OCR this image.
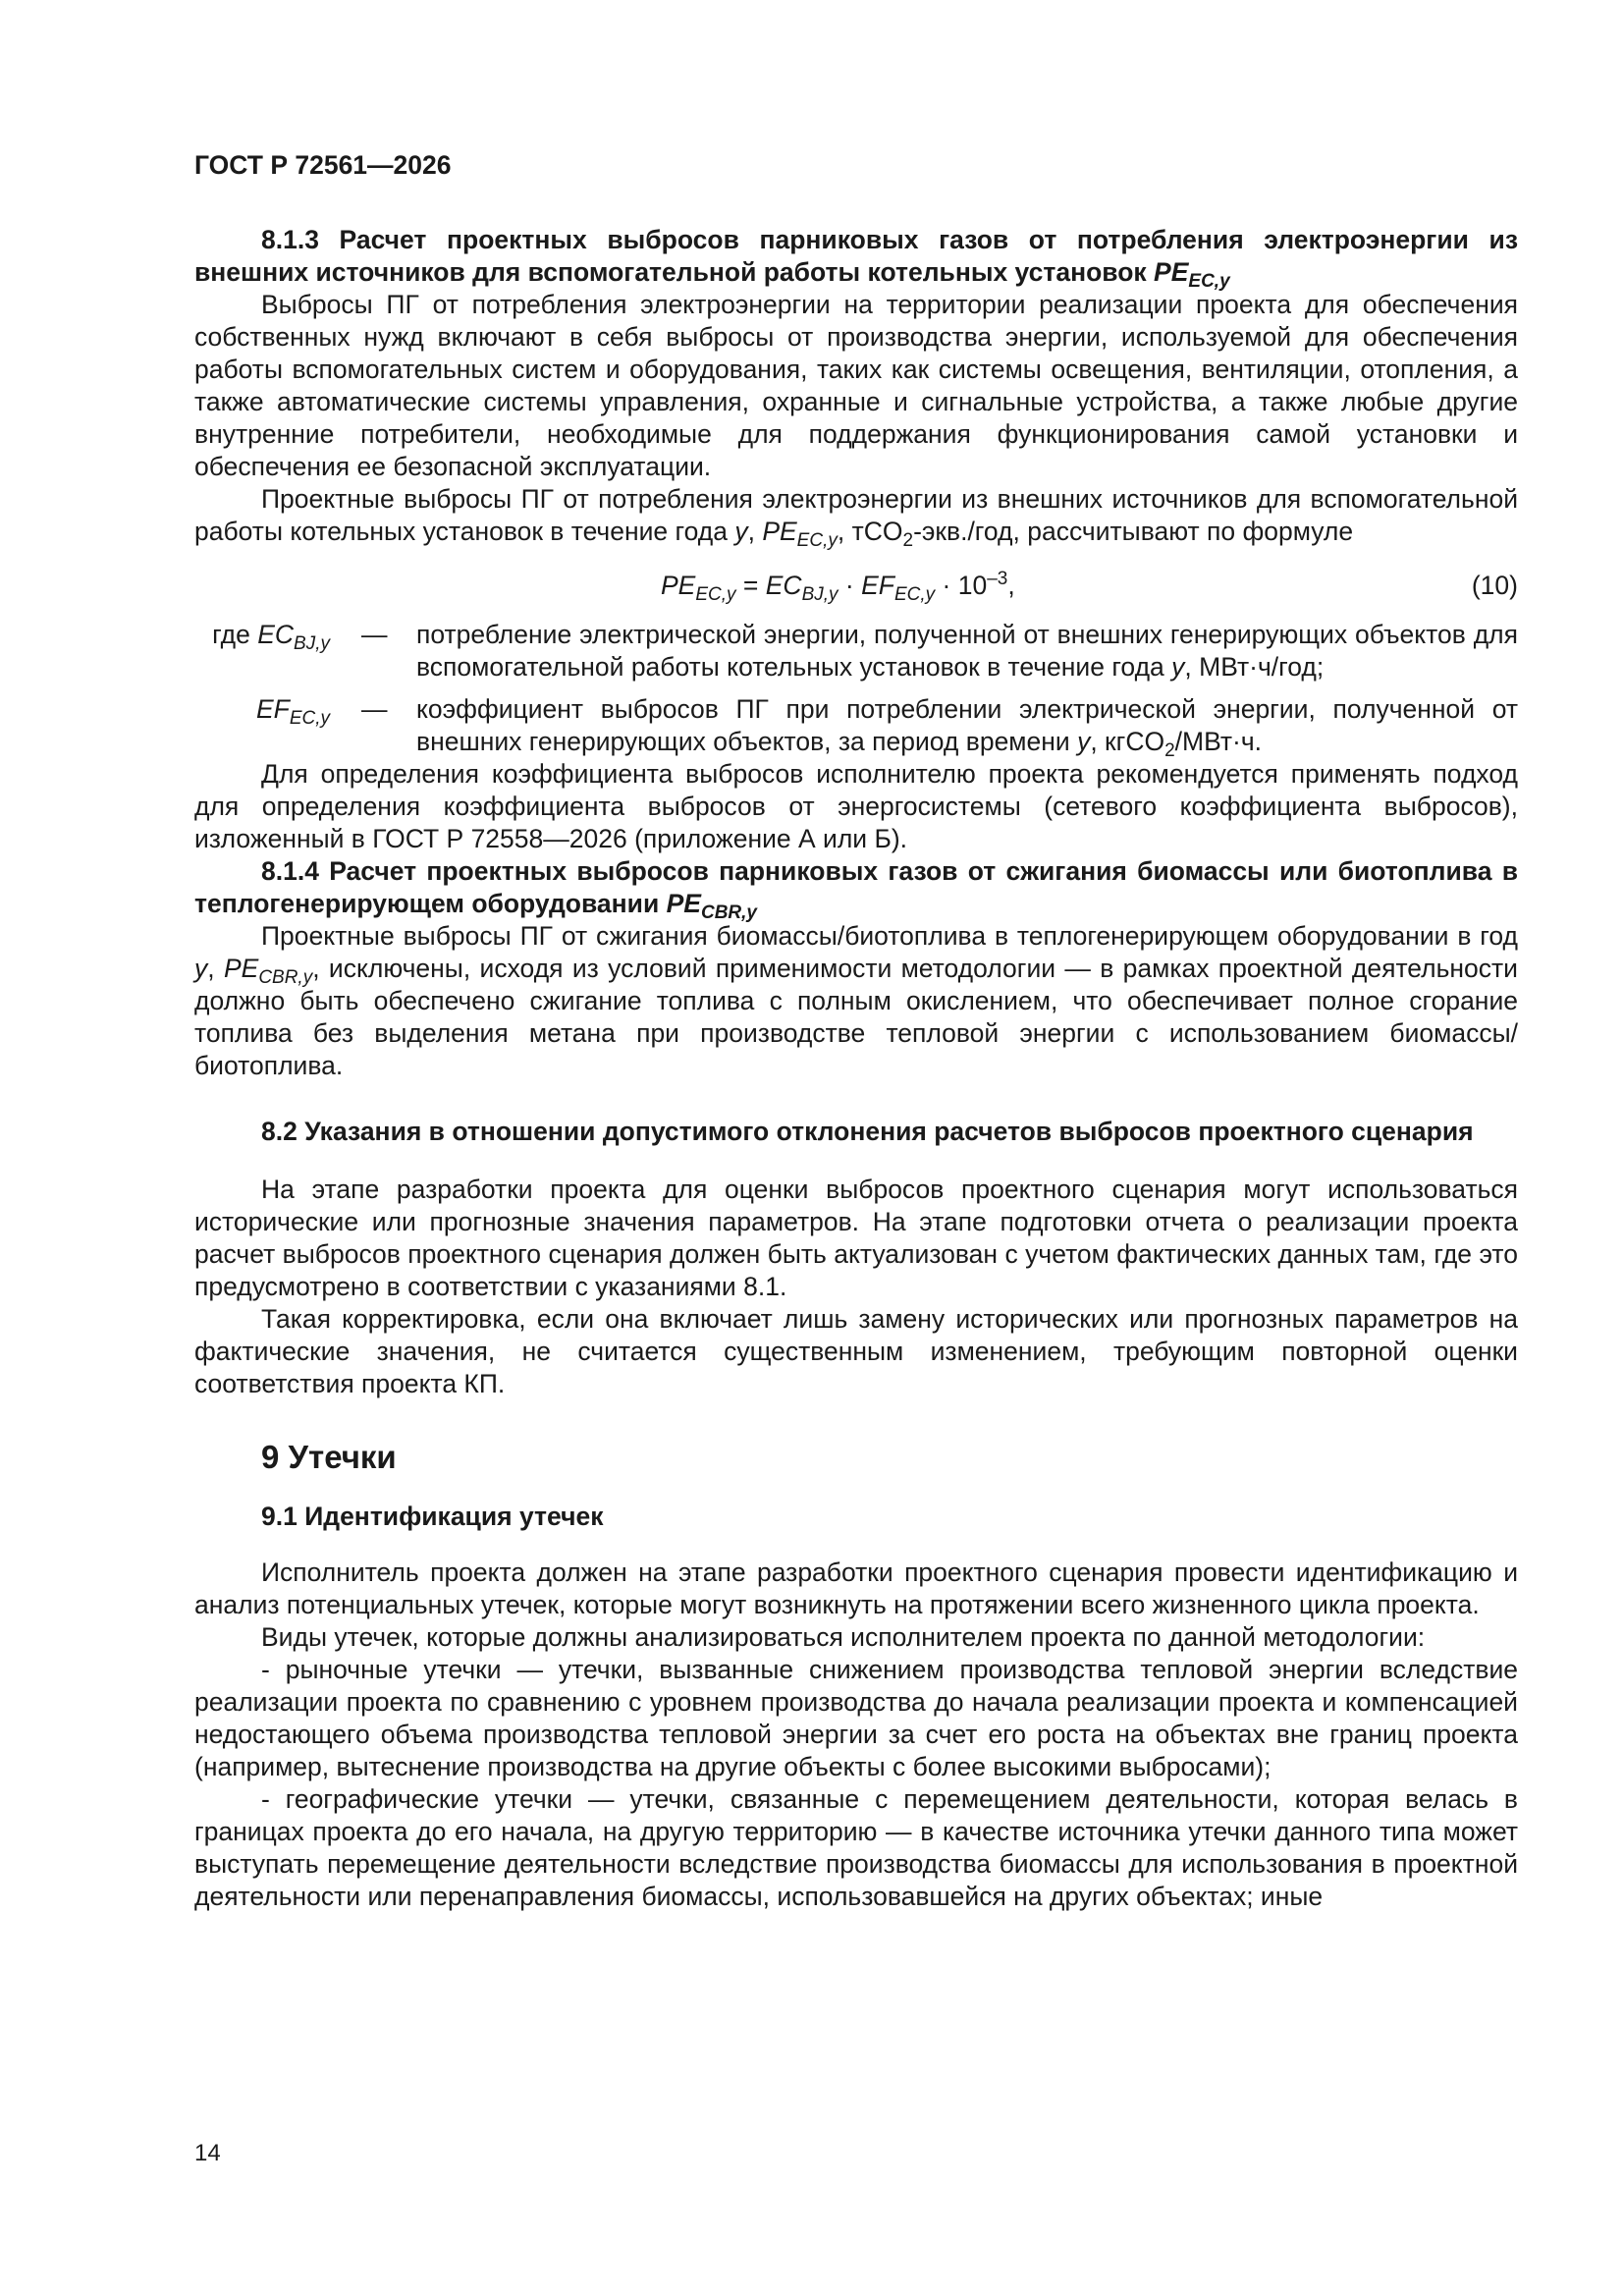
ГОСТ Р 72561—2026

8.1.3 Расчет проектных выбросов парниковых газов от потребления электроэнергии из внешних источников для вспомогательной работы котельных установок $PE_{EC,y}$

Выбросы ПГ от потребления электроэнергии на территории реализации проекта для обеспечения собственных нужд включают в себя выбросы от производства энергии, используемой для обеспечения работы вспомогательных систем и оборудования, таких как системы освещения, вентиляции, отопления, а также автоматические системы управления, охранные и сигнальные устройства, а также любые другие внутренние потребители, необходимые для поддержания функционирования самой установки и обеспечения ее безопасной эксплуатации.

Проектные выбросы ПГ от потребления электроэнергии из внешних источников для вспомогательной работы котельных установок в течение года y, $PE_{EC,y}$, тCO$_2$-экв./год, рассчитывают по формуле

$PE_{EC,y} = EC_{BJ,y} \cdot EF_{EC,y} \cdot 10^{-3}$,	(10)
где $EC_{BJ,y}$ — потребление электрической энергии, полученной от внешних генерирующих объектов для вспомогательной работы котельных установок в течение года y, МВт·ч/год;
$EF_{EC,y}$ — коэффициент выбросов ПГ при потреблении электрической энергии, полученной от внешних генерирующих объектов, за период времени y, кгCO$_2$/МВт·ч.

Для определения коэффициента выбросов исполнителю проекта рекомендуется применять подход для определения коэффициента выбросов от энергосистемы (сетевого коэффициента выбросов), изложенный в ГОСТ Р 72558—2026 (приложение А или Б).

8.1.4 Расчет проектных выбросов парниковых газов от сжигания биомассы или биотоплива в теплогенерирующем оборудовании $PE_{CBR,y}$

Проектные выбросы ПГ от сжигания биомассы/биотоплива в теплогенерирующем оборудовании в год y, $PE_{CBR,y}$, исключены, исходя из условий применимости методологии — в рамках проектной деятельности должно быть обеспечено сжигание топлива с полным окислением, что обеспечивает полное сгорание топлива без выделения метана при производстве тепловой энергии с использованием биомассы/биотоплива.

8.2 Указания в отношении допустимого отклонения расчетов выбросов проектного сценария

На этапе разработки проекта для оценки выбросов проектного сценария могут использоваться исторические или прогнозные значения параметров. На этапе подготовки отчета о реализации проекта расчет выбросов проектного сценария должен быть актуализован с учетом фактических данных там, где это предусмотрено в соответствии с указаниями 8.1.

Такая корректировка, если она включает лишь замену исторических или прогнозных параметров на фактические значения, не считается существенным изменением, требующим повторной оценки соответствия проекта КП.

9 Утечки

9.1 Идентификация утечек

Исполнитель проекта должен на этапе разработки проектного сценария провести идентификацию и анализ потенциальных утечек, которые могут возникнуть на протяжении всего жизненного цикла проекта.

Виды утечек, которые должны анализироваться исполнителем проекта по данной методологии:

- рыночные утечки — утечки, вызванные снижением производства тепловой энергии вследствие реализации проекта по сравнению с уровнем производства до начала реализации проекта и компенсацией недостающего объема производства тепловой энергии за счет его роста на объектах вне границ проекта (например, вытеснение производства на другие объекты с более высокими выбросами);

- географические утечки — утечки, связанные с перемещением деятельности, которая велась в границах проекта до его начала, на другую территорию — в качестве источника утечки данного типа может выступать перемещение деятельности вследствие производства биомассы для использования в проектной деятельности или перенаправления биомассы, использовавшейся на других объектах; иные

14
